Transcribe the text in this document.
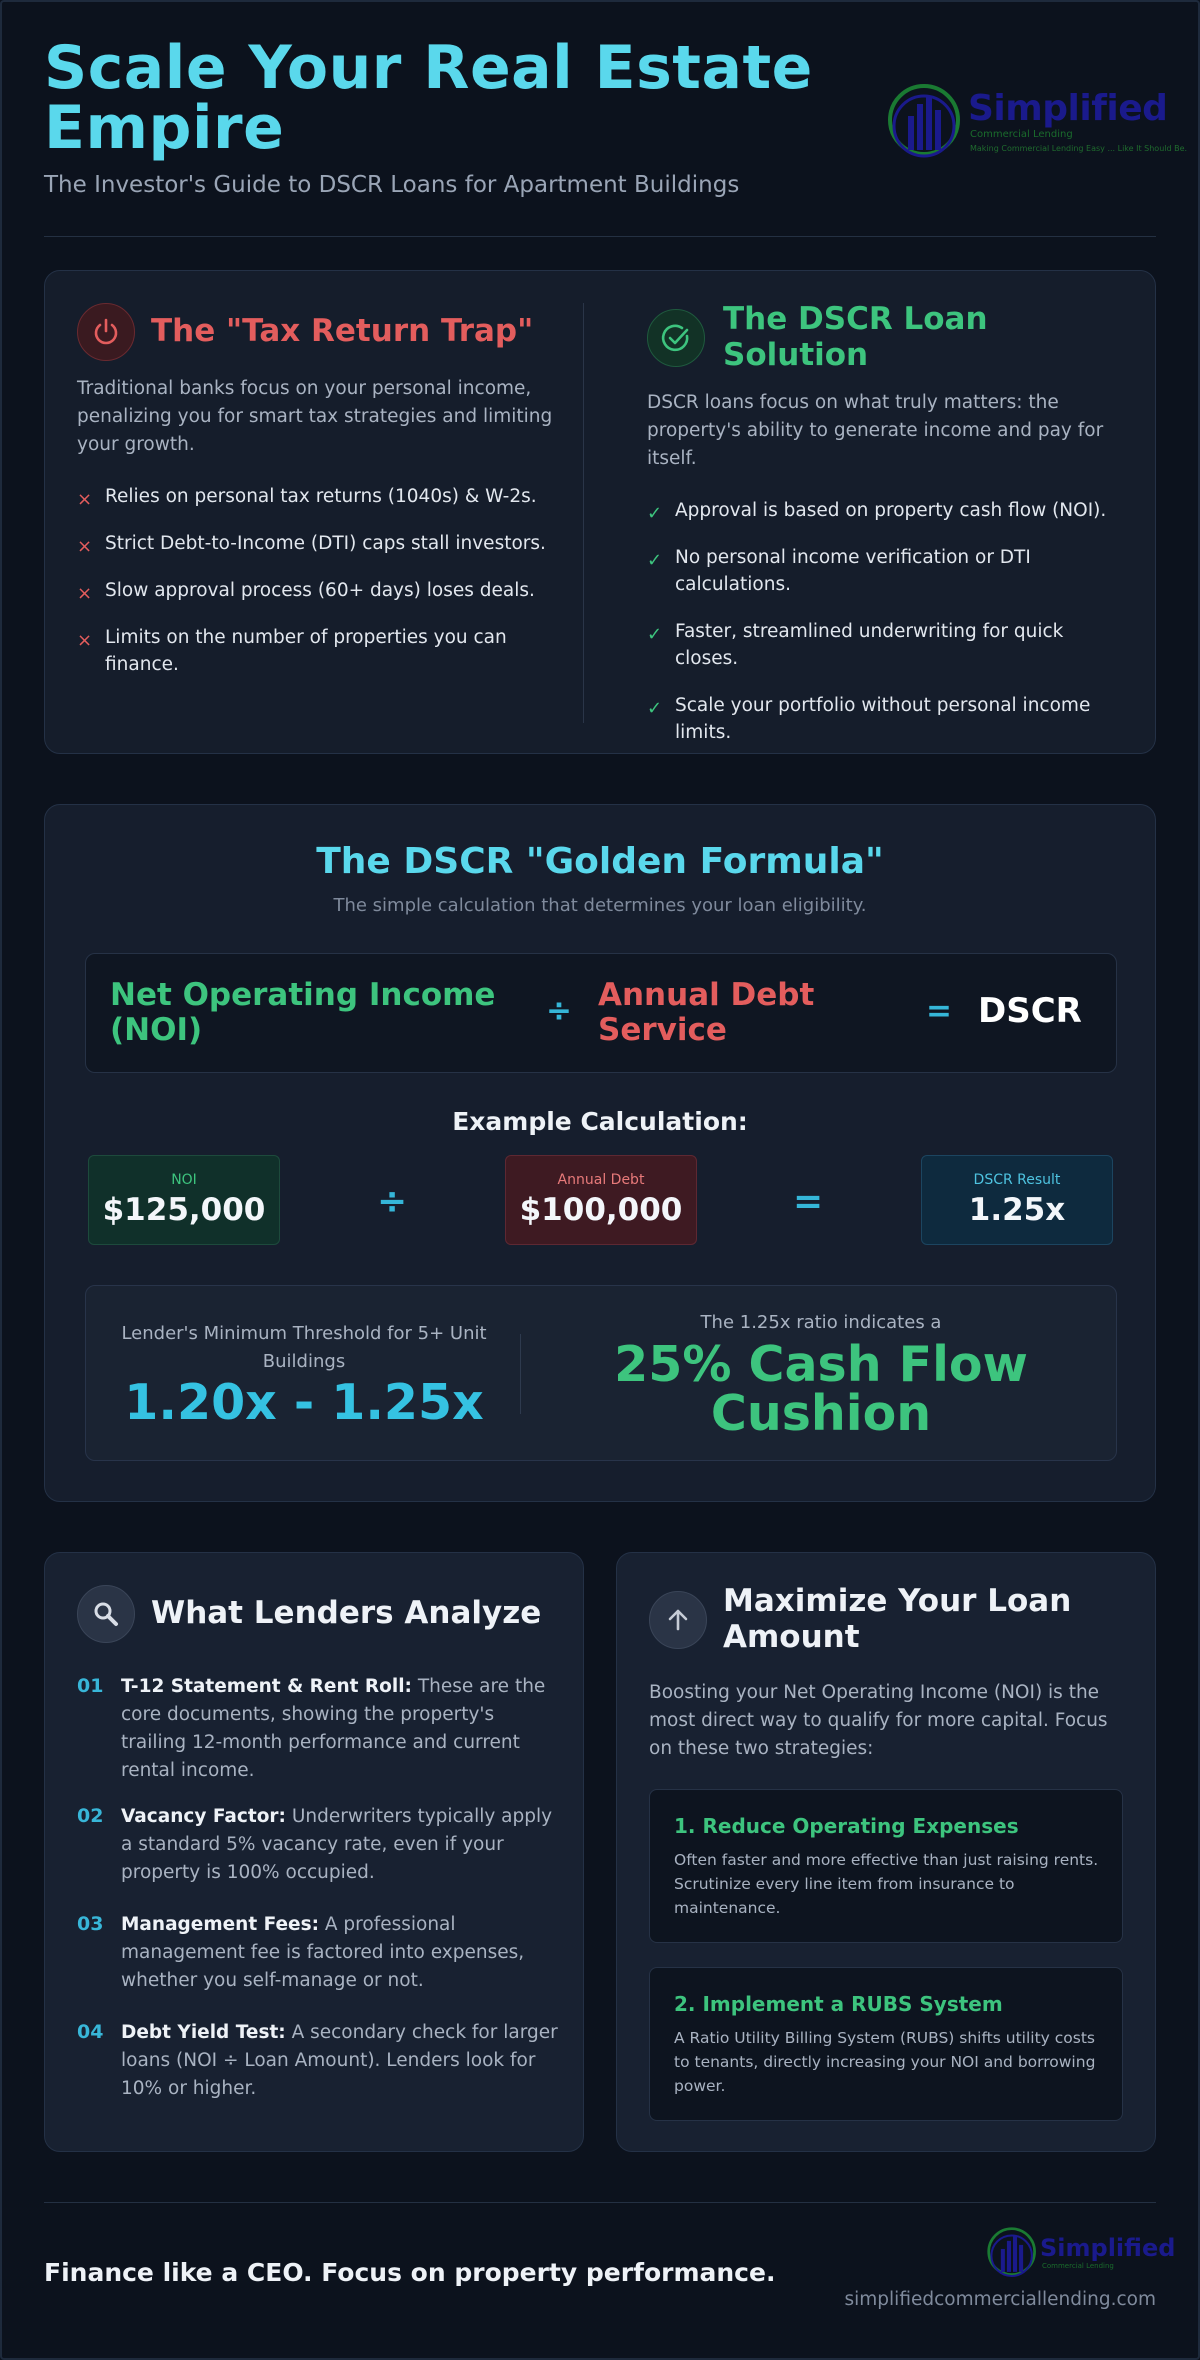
Scale Your Real Estate Empire
The Investor's Guide to DSCR Loans for Apartment Buildings
Simplified
Commercial Lending
Making Commercial Lending Easy ... Like It Should Be.
The "Tax Return Trap"
Traditional banks focus on your personal income, penalizing you for smart tax strategies and limiting your growth.
× Relies on personal tax returns (1040s) & W-2s.
× Strict Debt-to-Income (DTI) caps stall investors.
× Slow approval process (60+ days) loses deals.
× Limits on the number of properties you can finance.
The DSCR Loan Solution
DSCR loans focus on what truly matters: the property's ability to generate income and pay for itself.
✓ Approval is based on property cash flow (NOI).
✓ No personal income verification or DTI calculations.
✓ Faster, streamlined underwriting for quick closes.
✓ Scale your portfolio without personal income limits.
The DSCR "Golden Formula"
The simple calculation that determines your loan eligibility.
Net Operating Income (NOI)
÷ Annual Debt Service
= DSCR
Example Calculation:
NOI
$125,000	÷
Annual Debt
$100,000	=
DSCR Result
1.25x
Lender's Minimum Threshold for 5+ Unit Buildings
1.20x - 1.25x
The 1.25x ratio indicates a
25% Cash Flow Cushion
What Lenders Analyze
01 T-12 Statement & Rent Roll: These are the core documents, showing the property's trailing 12-month performance and current rental income.
02 Vacancy Factor: Underwriters typically apply a standard 5% vacancy rate, even if your property is 100% occupied.
03 Management Fees: A professional management fee is factored into expenses, whether you self-manage or not.
04 Debt Yield Test: A secondary check for larger loans (NOI ÷ Loan Amount). Lenders look for 10% or higher.
Maximize Your Loan Amount
Boosting your Net Operating Income (NOI) is the most direct way to qualify for more capital. Focus on these two strategies:
1. Reduce Operating Expenses
Often faster and more effective than just raising rents. Scrutinize every line item from insurance to maintenance.
2. Implement a RUBS System
A Ratio Utility Billing System (RUBS) shifts utility costs to tenants, directly increasing your NOI and borrowing power.
Finance like a CEO. Focus on property performance.
Simplified
Commercial Lending
simplifiedcommerciallending.com
